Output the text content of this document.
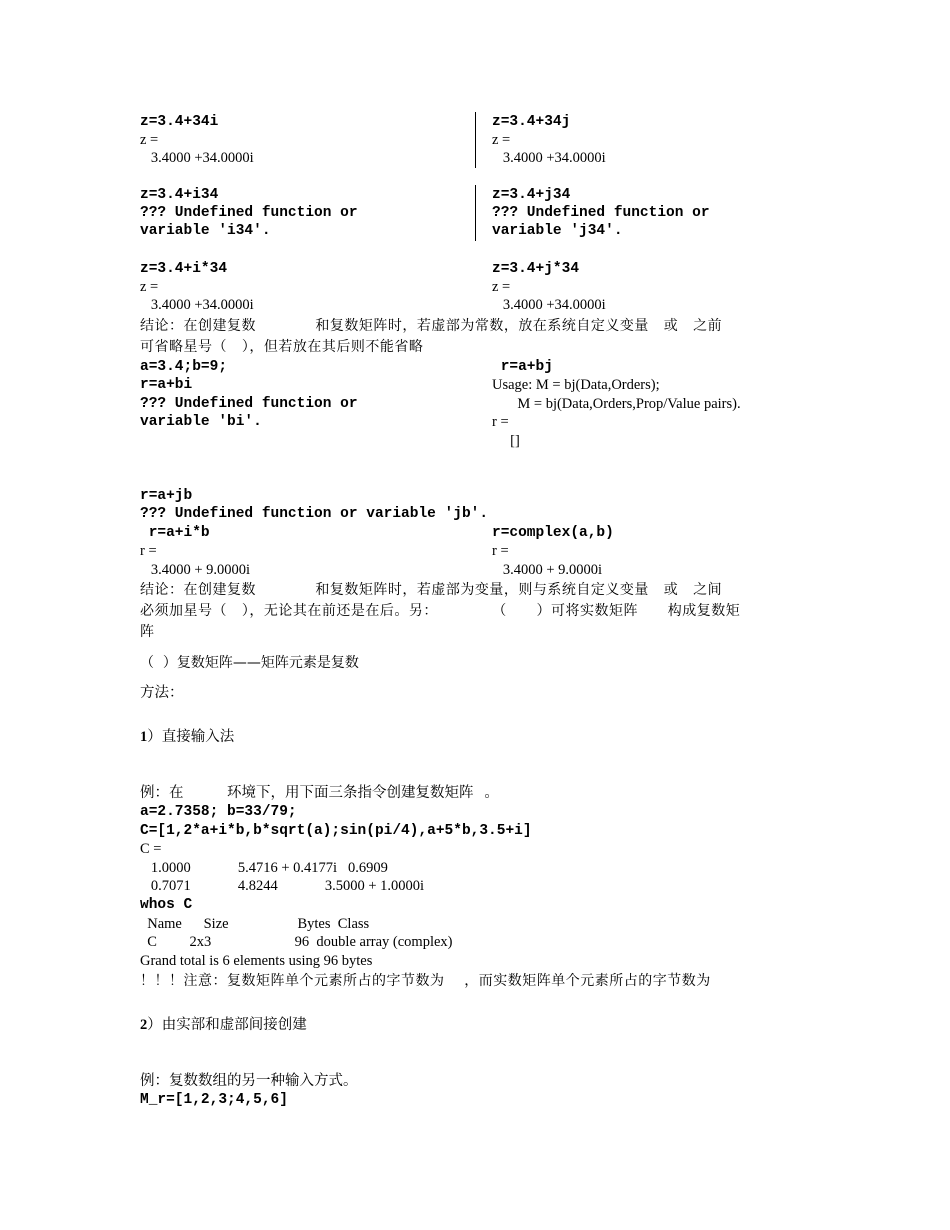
z=3.4+34i
z =
3.4000 +34.0000i
z=3.4+34j
z =
3.4000 +34.0000i
z=3.4+i34
??? Undefined function or
variable 'i34'.
z=3.4+j34
??? Undefined function or
variable 'j34'.
z=3.4+i*34
z =
3.4000 +34.0000i
z=3.4+j*34
z =
3.4000 +34.0000i
结论：在创建复数            和复数矩阵时，若虚部为常数，放在系统自定义变量   或   之前
可省略星号（   ），但若放在其后则不能省略
a=3.4;b=9;
r=a+bi
??? Undefined function or
variable 'bi'.
r=a+bj
Usage: M = bj(Data,Orders);
M = bj(Data,Orders,Prop/Value pairs).
r =
[]
r=a+jb
??? Undefined function or variable 'jb'.
r=a+i*b	r=complex(a,b)
r =
3.4000 + 9.0000i
r =
3.4000 + 9.0000i
结论：在创建复数            和复数矩阵时，若虚部为变量，则与系统自定义变量   或   之间
必须加星号（   ），无论其在前还是在后。另：           （      ）可将实数矩阵      构成复数矩
阵
（  ）复数矩阵——矩阵元素是复数
方法：
1）直接输入法
例：在            环境下，用下面三条指令创建复数矩阵   。
a=2.7358; b=33/79;
C=[1,2*a+i*b,b*sqrt(a);sin(pi/4),a+5*b,3.5+i]
C =
1.0000             5.4716 + 0.4177i   0.6909
0.7071             4.8244             3.5000 + 1.0000i
whos C
Name      Size                   Bytes  Class
C         2x3                       96  double array (complex)
Grand total is 6 elements using 96 bytes
！！！注意：复数矩阵单个元素所占的字节数为    ，而实数矩阵单个元素所占的字节数为
2）由实部和虚部间接创建
例：复数数组的另一种输入方式。
M_r=[1,2,3;4,5,6]
